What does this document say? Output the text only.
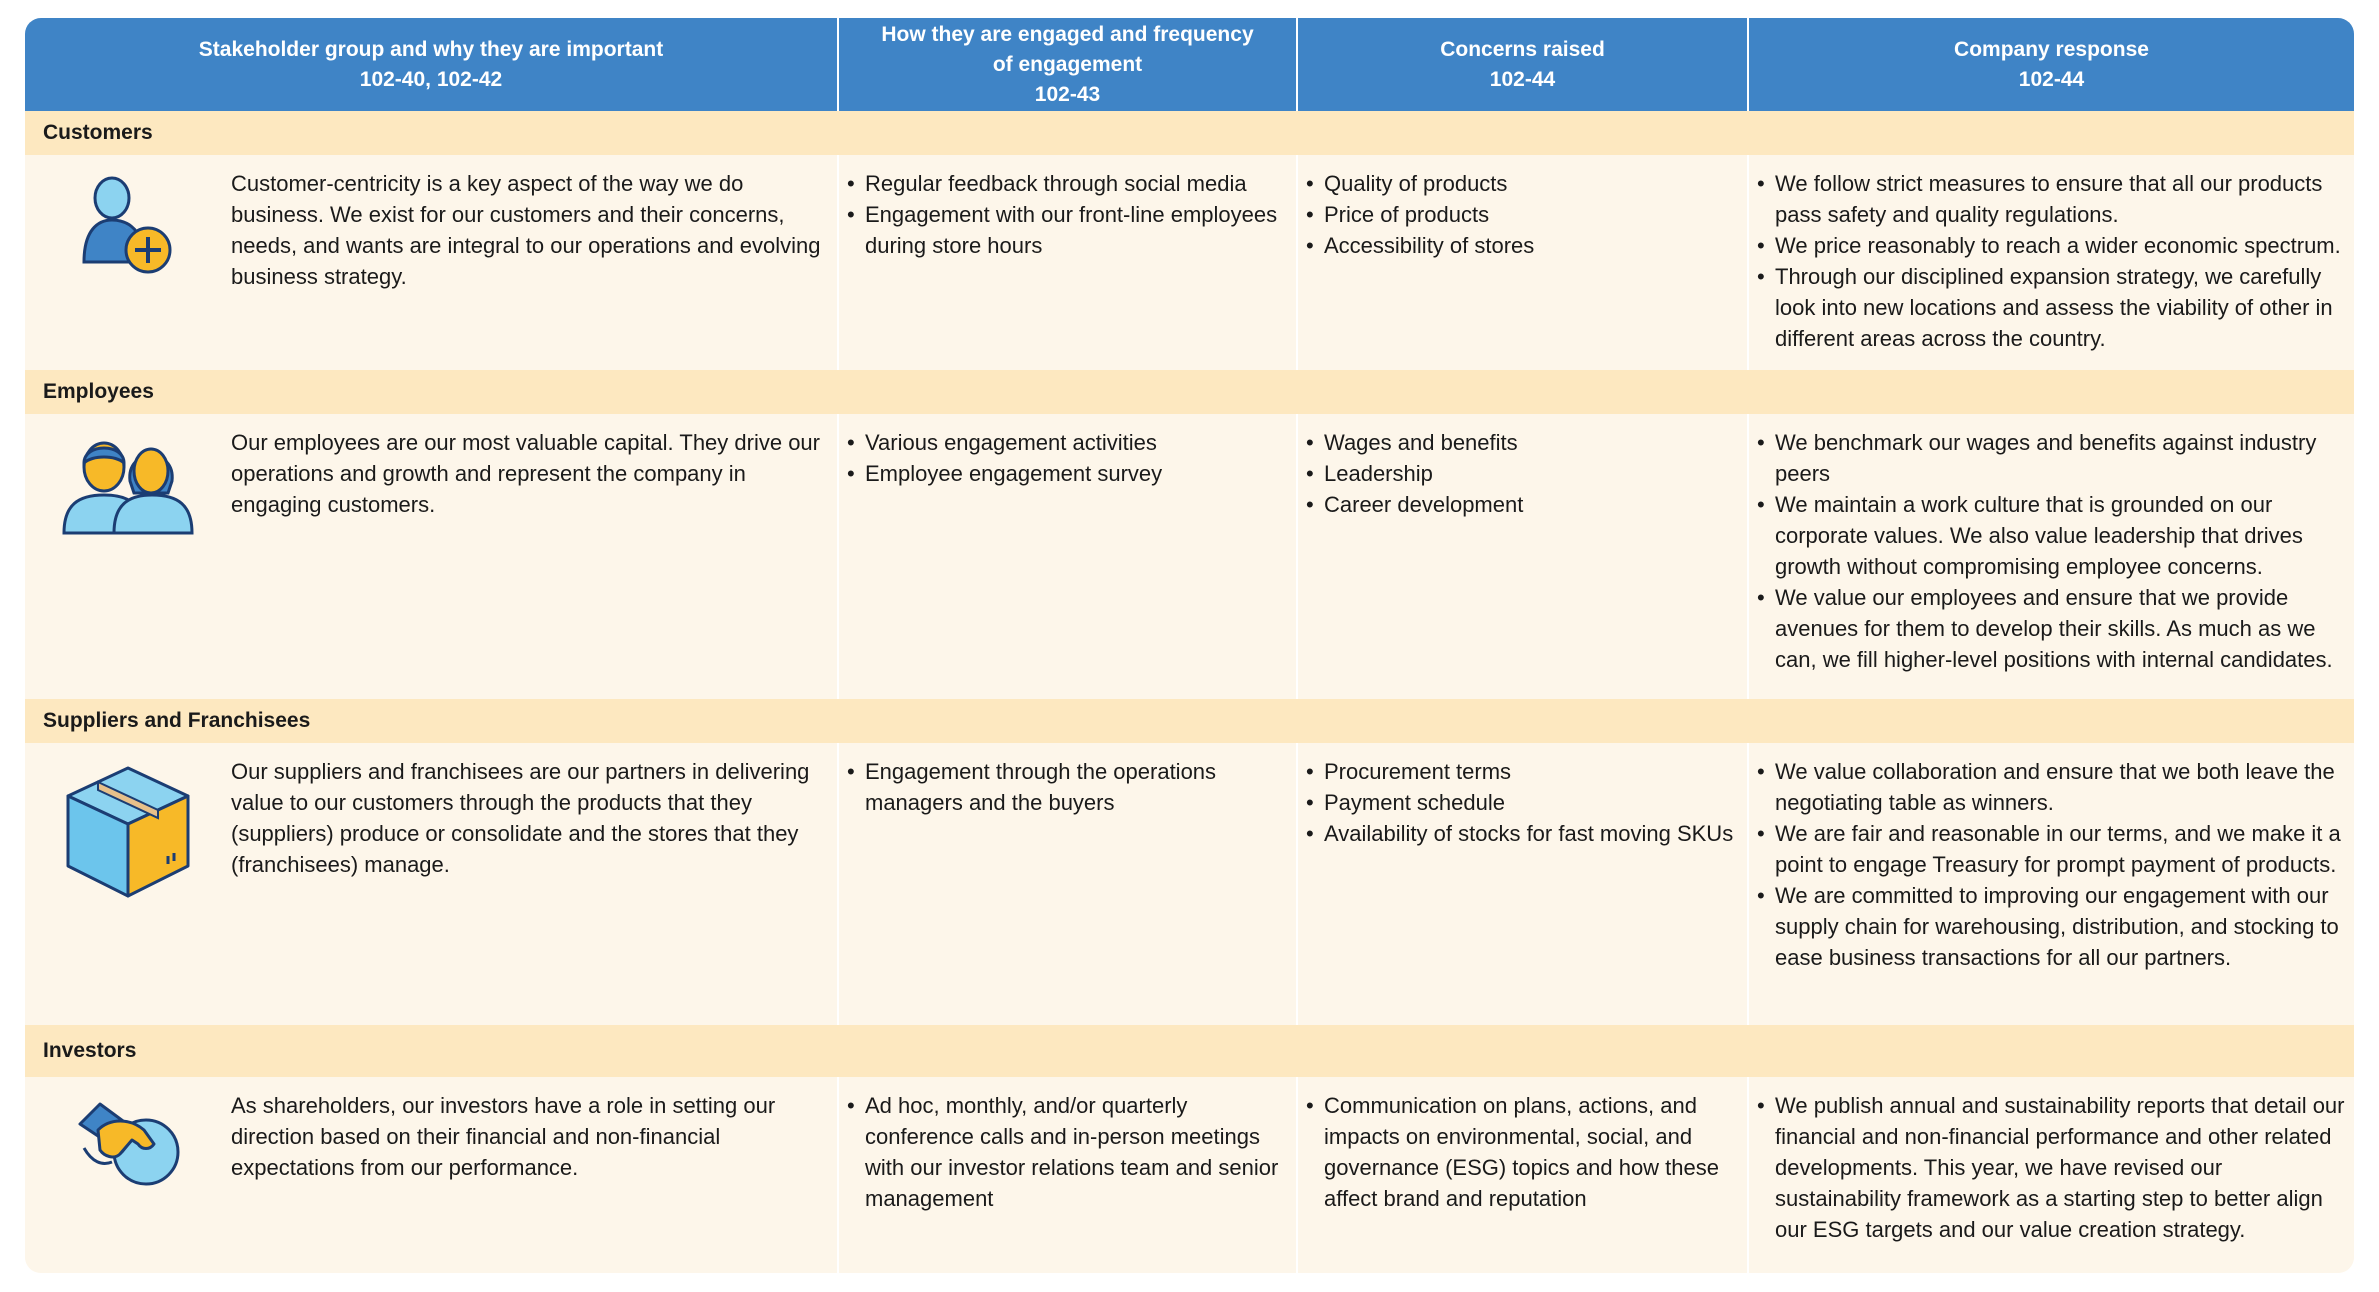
Stakeholder group and why they are important
102-40, 102-42
How they are engaged and frequency
of engagement
102-43
Concerns raised
102-44
Company response
102-44
Customers
Customer-centricity is a key aspect of the way we do business. We exist for our customers and their concerns, needs, and wants are integral to our operations and evolving business strategy.
• Regular feedback through social media
• Engagement with our front-line employees during store hours
• Quality of products
• Price of products
• Accessibility of stores
• We follow strict measures to ensure that all our products pass safety and quality regulations.
• We price reasonably to reach a wider economic spectrum.
• Through our disciplined expansion strategy, we carefully look into new locations and assess the viability of other in different areas across the country.
Employees
Our employees are our most valuable capital. They drive our operations and growth and represent the company in engaging customers.
• Various engagement activities
• Employee engagement survey
• Wages and benefits
• Leadership
• Career development
• We benchmark our wages and benefits against industry peers
• We maintain a work culture that is grounded on our corporate values. We also value leadership that drives growth without compromising employee concerns.
• We value our employees and ensure that we provide avenues for them to develop their skills. As much as we can, we fill higher-level positions with internal candidates.
Suppliers and Franchisees
Our suppliers and franchisees are our partners in delivering value to our customers through the products that they (suppliers) produce or consolidate and the stores that they (franchisees) manage.
• Engagement through the operations managers and the buyers
• Procurement terms
• Payment schedule
• Availability of stocks for fast moving SKUs
• We value collaboration and ensure that we both leave the negotiating table as winners.
• We are fair and reasonable in our terms, and we make it a point to engage Treasury for prompt payment of products.
• We are committed to improving our engagement with our supply chain for warehousing, distribution, and stocking to ease business transactions for all our partners.
Investors
As shareholders, our investors have a role in setting our direction based on their financial and non-financial expectations from our performance.
• Ad hoc, monthly, and/or quarterly conference calls and in-person meetings with our investor relations team and senior management
• Communication on plans, actions, and impacts on environmental, social, and governance (ESG) topics and how these affect brand and reputation
• We publish annual and sustainability reports that detail our financial and non-financial performance and other related developments. This year, we have revised our sustainability framework as a starting step to better align our ESG targets and our value creation strategy.
